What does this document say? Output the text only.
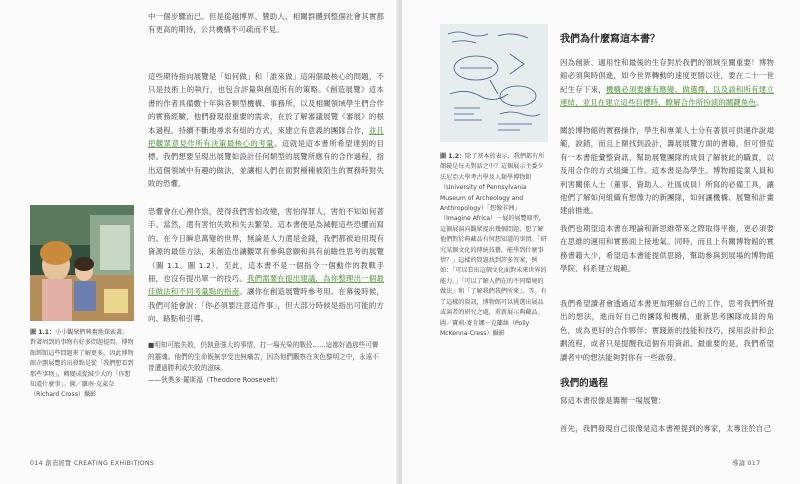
中一個步驟而已。但是從越博界、贊助人、相關群體到整個社會其實都有更高的期待，公共機構不可疏而不見。

這些期待指向展覽是「如何做」和「誰來做」這兩個最核心的問題，不只是技術上的執行，也包含評量與創造所有的策略。《創造展覽》這本書的作者具備數十年與各類型機構、事務所，以及相關領域學生們合作的實務經驗，他們發現很重要的需求，在於了解審議展覽《審展》的根本過程，持續不斷地尋求有組的方式，來建立有意義的團隊合作，並且把觀眾意見作所有決策最核心的考量。這就是這本書所希望達到的目標。我們想要呈現出展覽如設計任何類型的展覽所應有的合作過程，指出這個領域中有趣的做法，並讓相人們在面對種種被陌生的實務時對失敗的恐懼。

恐懼會在心裡作祟，使得我們害怕改變，害怕得罪人，害怕不知如何著手。當然，還有害怕失敗和失去繁榮。這本書便是為減輕這些恐懼而寫的。在今日瞬息萬變的世界，無論是人力還是金錢，我們都被迫用現有資源的最佳方法，來創造出讓觀眾有參與意願和具有前瞻性思考的展覽（圖 1.1、圖 1.2）。至此，這本書不是一個指令一個動作的教戰手冊，也沒有提出單一的技巧。我們需要在提出建議，為你整理出一個最佳做法和不同考量點的指南。讓你在創造展覽時參考用。在幕後時候，我們可能會說：「你必須要注意這件事」，但大部分時候是指出可能的方向、路點和引導。

■明知可能失敗，仍執意強大的事情，打一場光榮的戰役……這都好過那些可憐的靈魂。他們的生命既無享受也無痛苦，因為他們觀察在灰色黎明之中，永遠不曾遭過勝利或失敗的滋味。
——狄奧多·羅斯福（Theodore Roosevelt）

圖 1.1：小小觀眾們興奮地探索著。對著周到的事物有好多問題提問。博物館經館這些問題來了解更多，因此博物館企劃展覽的出發點是從「我們想看到那些事物」，轉變成從減少大的「你想知道什麼事」。圖／蘿南·克萊奈（Richard Cross）攝影

014 創造展覽 CREATING EXHIBITIONS

圖 1.2：除了基本的表示，我們都有所顏鏡是每天對話之中？這個展示主委夕法尼亞大學考古學及人類學博物館（University of Pennsylvania Museum of Archeology and Anthropology）「想像非洲」（Imagine Africa）一展的展覽原型。這個展演向觀眾提出幾個問題，想了解他們對於典藏品有何想知道的事情。「研究某個文化的傳統技藝，能學到什麼事情？」這樣的問題找到許多答案，例如：「可以看出這個文化面對未來世界的能力。」「可以了解人們在的不同環境的做法」和「了解我們我們所來」。等。有了這樣的資訊，博物館可以挑選出展品或演者的研究之處，重新展示典藏品。圖／寶莉·麥肯娜－克蘭絲（Polly McKenna-Cress）攝影

我們為什麼寫這本書？

因為創新、適用性和最後的生存對於我們的領域至關重要！博物館必須與時俱進，如今世界轉動的速度更勝以往，要在二十一世紀生存下來，機構必須要擁有應變、做選擇，以及談和所有建立連結，並且在建立這些目標時，瞭解合作所扮演的關鍵角色。

關於博物館的實務操作，學生和專業人士分有著很可供運作說規範，說錯，而且上額找到設計，籌展展覽方面的書籍，但可惜從有一本書能彙整資訊，幫助展覽團隊的成員了解彼此的職責，以及用合作的方式組織工作。這本書是為學生、博物館從業人員和利害關係人士（董事、資助人、社區成員）所寫的必備工具，讓他們了解如何組織有想像力的新團隊，如何讓機構、展覽和計畫建前推進。

我們也期望這本書在理論和新思維帶來之際取得平衡，更必須要在思維的運用和實務面上接地氣。同時，而且上有關博物館的實務書籍大少，希望這本書能提供思路，幫助參與到展場的博物館學院、科系建立規範。

我們希望讀者會透過這本書更加理解自己的工作，思考我們所提出的想法，進而好自己的團隊和機構，重新思考團隊成員的角色，成為更好的合作夥伴；實踐新的技能和技巧，採用設計和企劃流程，或者只是提醒我這個有用資訊。最重要的是，我們希望讀者中的想法能夠對你有一些啟發。

我們的過程

寫這本書很像是籌辦一場展覽：

首先，我們發現自己很像是這本書裡提到的專家，太專注於自己

導論 017
